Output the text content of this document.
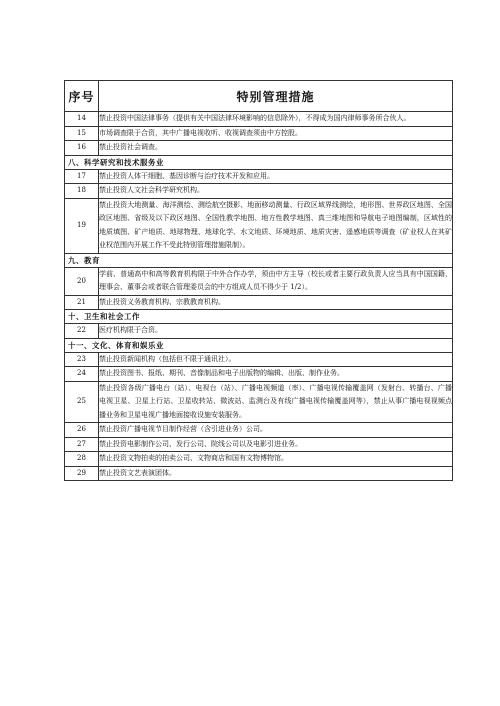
序号	特别管理措施
14	禁止投资中国法律事务（提供有关中国法律环境影响的信息除外），不得成为国内律师事务所合伙人。
15	市场调查限于合资，其中广播电视收听、收视调查须由中方控股。
16	禁止投资社会调查。
八、科学研究和技术服务业	
17	禁止投资人体干细胞、基因诊断与治疗技术开发和应用。
18	禁止投资人文社会科学研究机构。
19	禁止投资大地测量、海洋测绘、测绘航空摄影、地面移动测量、行政区域界线测绘，地形图、世界政区地图、全国政区地图、省级及以下政区地图、全国性教学地图、地方性教学地图、真三维地图和导航电子地图编制，区域性的地质填图、矿产地质、地球物理、地球化学、水文地质、环境地质、地质灾害、遥感地质等调查（矿业权人在其矿业权范围内开展工作不受此特别管理措施限制）。
九、教育	
20	学前、普通高中和高等教育机构限于中外合作办学，须由中方主导（校长或者主要行政负责人应当具有中国国籍，理事会、董事会或者联合管理委员会的中方组成人员不得少于 1/2）。
21	禁止投资义务教育机构、宗教教育机构。
十、卫生和社会工作	
22	医疗机构限于合资。
十一、文化、体育和娱乐业	
23	禁止投资新闻机构（包括但不限于通讯社）。
24	禁止投资图书、报纸、期刊、音像制品和电子出版物的编辑、出版、制作业务。
25	禁止投资各级广播电台（站）、电视台（站）、广播电视频道（率）、广播电视传输覆盖网（发射台、转播台、广播电视卫星、卫星上行站、卫星收转站、微波站、监测台及有线广播电视传输覆盖网等），禁止从事广播电视视频点播业务和卫星电视广播地面接收设施安装服务。
26	禁止投资广播电视节目制作经营（含引进业务）公司。
27	禁止投资电影制作公司、发行公司、院线公司以及电影引进业务。
28	禁止投资文物拍卖的拍卖公司、文物商店和国有文物博物馆。
29	禁止投资文艺表演团体。
